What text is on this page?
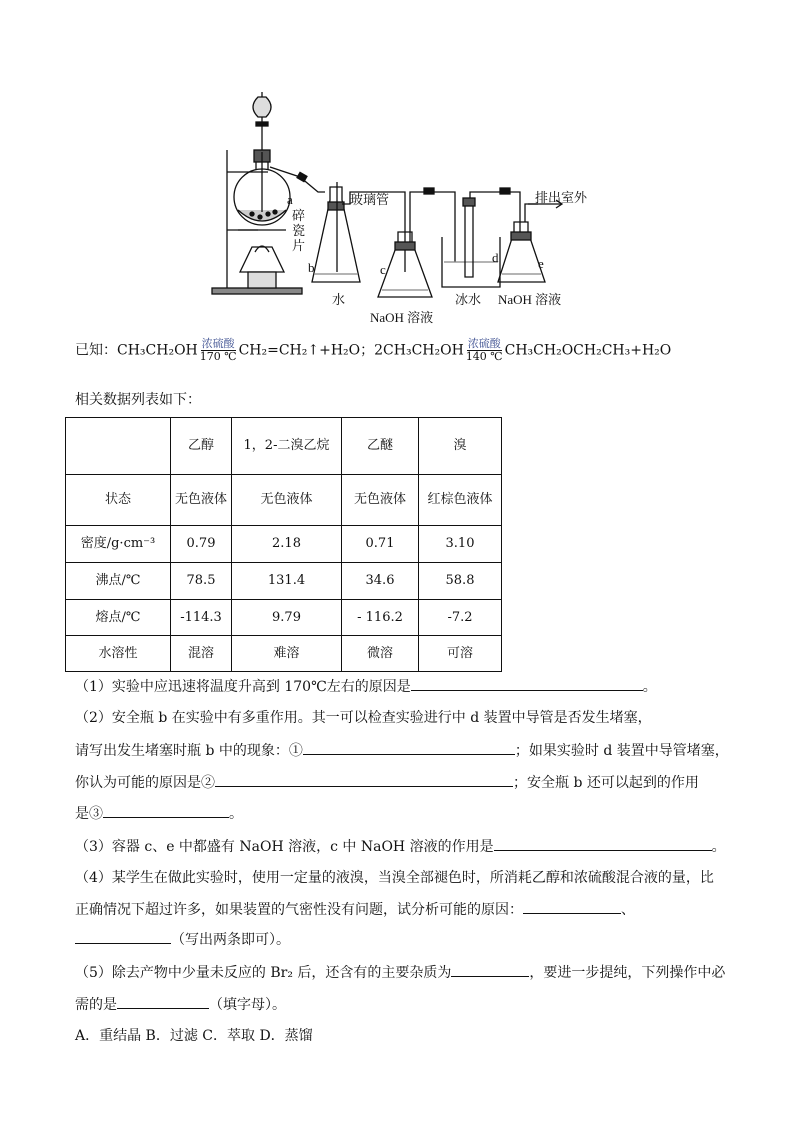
a
碎
瓷
片
b
玻璃管
c
d	e
排出室外
水
NaOH 溶液
冰水 NaOH 溶液
已知：CH₃CH₂OH 浓硫酸
170 ℃ CH₂=CH₂↑+H₂O；2CH₃CH₂OH 浓硫酸
140 ℃ CH₃CH₂OCH₂CH₃+H₂O
相关数据列表如下：
	乙醇	1，2-二溴乙烷	乙醚	溴
状态	无色液体	无色液体	无色液体	红棕色液体
密度/g·cm⁻³	0.79	2.18	0.71	3.10
沸点/℃	78.5	131.4	34.6	58.8
熔点/℃	-114.3	9.79	- 116.2	-7.2
水溶性	混溶	难溶	微溶	可溶
（1）实验中应迅速将温度升高到 170℃左右的原因是	。
（2）安全瓶 b 在实验中有多重作用。其一可以检查实验进行中 d 装置中导管是否发生堵塞，
请写出发生堵塞时瓶 b 中的现象：①	；如果实验时 d 装置中导管堵塞，
你认为可能的原因是②	；安全瓶 b 还可以起到的作用
是③	。
（3）容器 c、e 中都盛有 NaOH 溶液，c 中 NaOH 溶液的作用是	。
（4）某学生在做此实验时，使用一定量的液溴，当溴全部褪色时，所消耗乙醇和浓硫酸混合液的量，比
正确情况下超过许多，如果装置的气密性没有问题，试分析可能的原因：	、
（写出两条即可）。
（5）除去产物中少量未反应的 Br₂ 后，还含有的主要杂质为	，要进一步提纯，下列操作中必
需的是	（填字母）。
A．重结晶 B．过滤 C．萃取 D．蒸馏
